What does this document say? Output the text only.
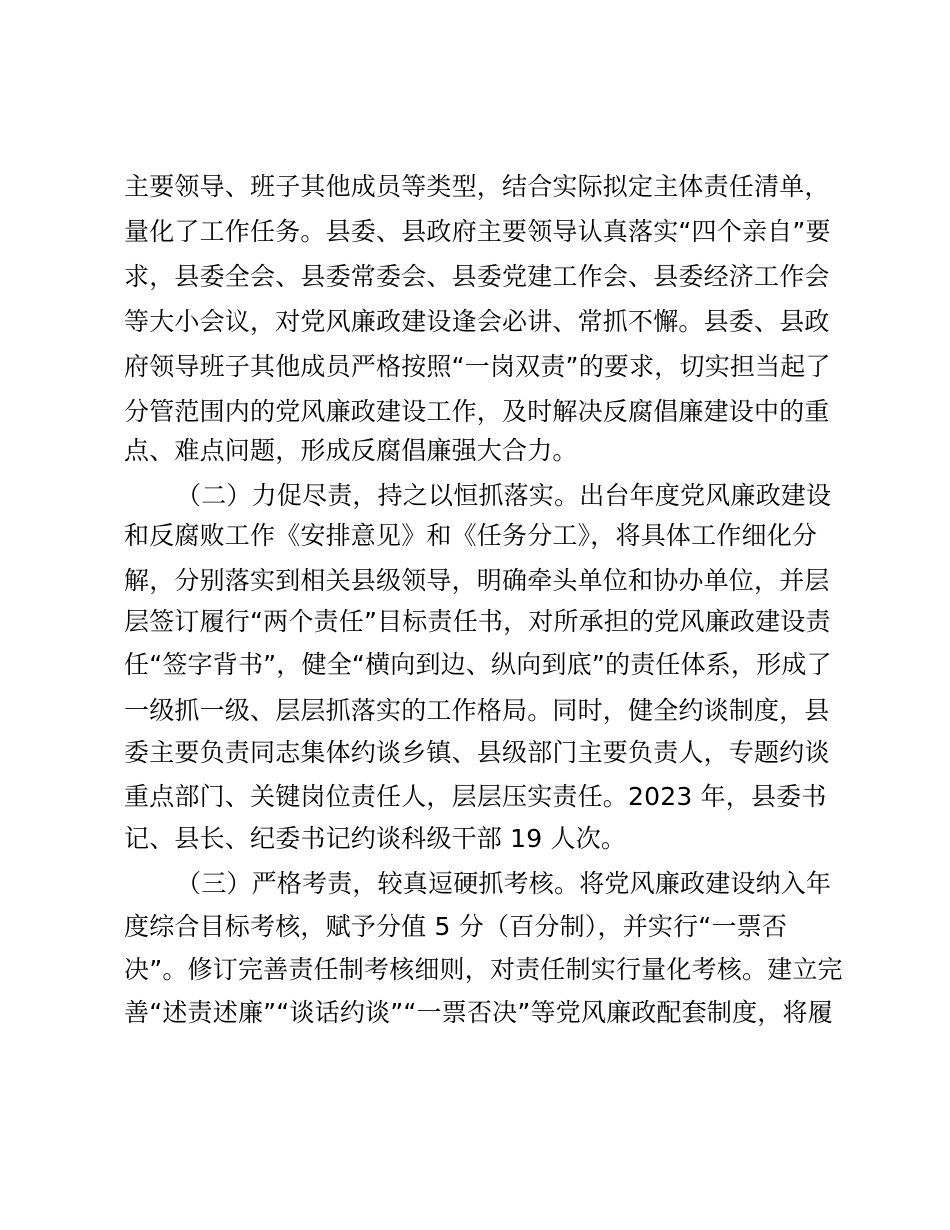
主要领导、班子其他成员等类型，结合实际拟定主体责任清单，
量化了工作任务。县委、县政府主要领导认真落实“四个亲自”要
求，县委全会、县委常委会、县委党建工作会、县委经济工作会
等大小会议，对党风廉政建设逢会必讲、常抓不懈。县委、县政
府领导班子其他成员严格按照“一岗双责”的要求，切实担当起了
分管范围内的党风廉政建设工作，及时解决反腐倡廉建设中的重
点、难点问题，形成反腐倡廉强大合力。
（二）力促尽责，持之以恒抓落实。出台年度党风廉政建设
和反腐败工作《安排意见》和《任务分工》，将具体工作细化分
解，分别落实到相关县级领导，明确牵头单位和协办单位，并层
层签订履行“两个责任”目标责任书，对所承担的党风廉政建设责
任“签字背书”，健全“横向到边、纵向到底”的责任体系，形成了
一级抓一级、层层抓落实的工作格局。同时，健全约谈制度，县
委主要负责同志集体约谈乡镇、县级部门主要负责人，专题约谈
重点部门、关键岗位责任人，层层压实责任。2023 年，县委书
记、县长、纪委书记约谈科级干部 19 人次。
（三）严格考责，较真逗硬抓考核。将党风廉政建设纳入年
度综合目标考核，赋予分值 5 分（百分制），并实行“一票否
决”。修订完善责任制考核细则，对责任制实行量化考核。建立完
善“述责述廉”“谈话约谈”“一票否决”等党风廉政配套制度，将履
